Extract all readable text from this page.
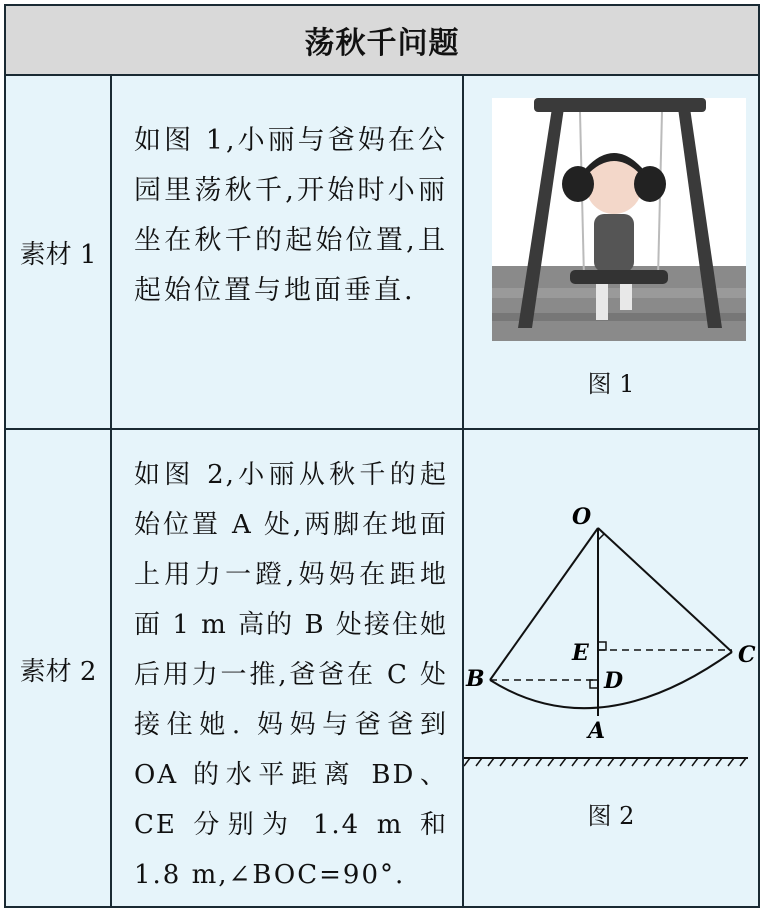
荡秋千问题
素材 1
如图 1,小丽与爸妈在公园里荡秋千,开始时小丽坐在秋千的起始位置,且起始位置与地面垂直.
图 1
素材 2
如图 2,小丽从秋千的起始位置 A 处,两脚在地面上用力一蹬,妈妈在距地面 1 m 高的 B 处接住她后用力一推,爸爸在 C 处接住她. 妈妈与爸爸到 OA 的水平距离 BD、CE 分别为 1.4 m 和 1.8 m,∠BOC=90°.
O
A
B
C
D
E
图 2
